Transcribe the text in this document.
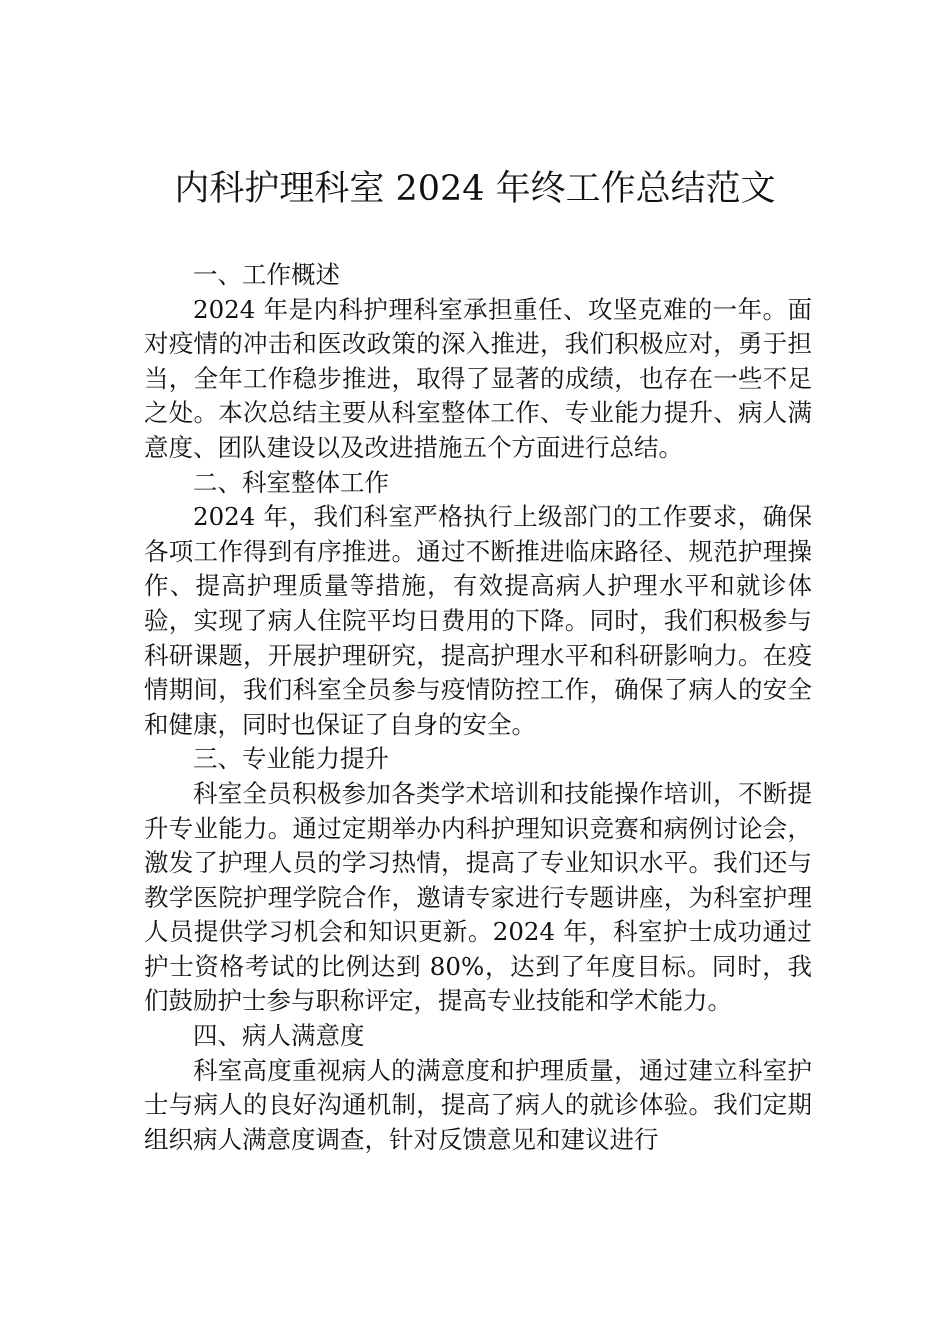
内科护理科室 2024 年终工作总结范文

一、工作概述

2024 年是内科护理科室承担重任、攻坚克难的一年。面对疫情的冲击和医改政策的深入推进，我们积极应对，勇于担当，全年工作稳步推进，取得了显著的成绩，也存在一些不足之处。本次总结主要从科室整体工作、专业能力提升、病人满意度、团队建设以及改进措施五个方面进行总结。

二、科室整体工作

2024 年，我们科室严格执行上级部门的工作要求，确保各项工作得到有序推进。通过不断推进临床路径、规范护理操作、提高护理质量等措施，有效提高病人护理水平和就诊体验，实现了病人住院平均日费用的下降。同时，我们积极参与科研课题，开展护理研究，提高护理水平和科研影响力。在疫情期间，我们科室全员参与疫情防控工作，确保了病人的安全和健康，同时也保证了自身的安全。

三、专业能力提升

科室全员积极参加各类学术培训和技能操作培训，不断提升专业能力。通过定期举办内科护理知识竞赛和病例讨论会，激发了护理人员的学习热情，提高了专业知识水平。我们还与教学医院护理学院合作，邀请专家进行专题讲座，为科室护理人员提供学习机会和知识更新。2024 年，科室护士成功通过护士资格考试的比例达到 80%，达到了年度目标。同时，我们鼓励护士参与职称评定，提高专业技能和学术能力。

四、病人满意度

科室高度重视病人的满意度和护理质量，通过建立科室护士与病人的良好沟通机制，提高了病人的就诊体验。我们定期组织病人满意度调查，针对反馈意见和建议进行
